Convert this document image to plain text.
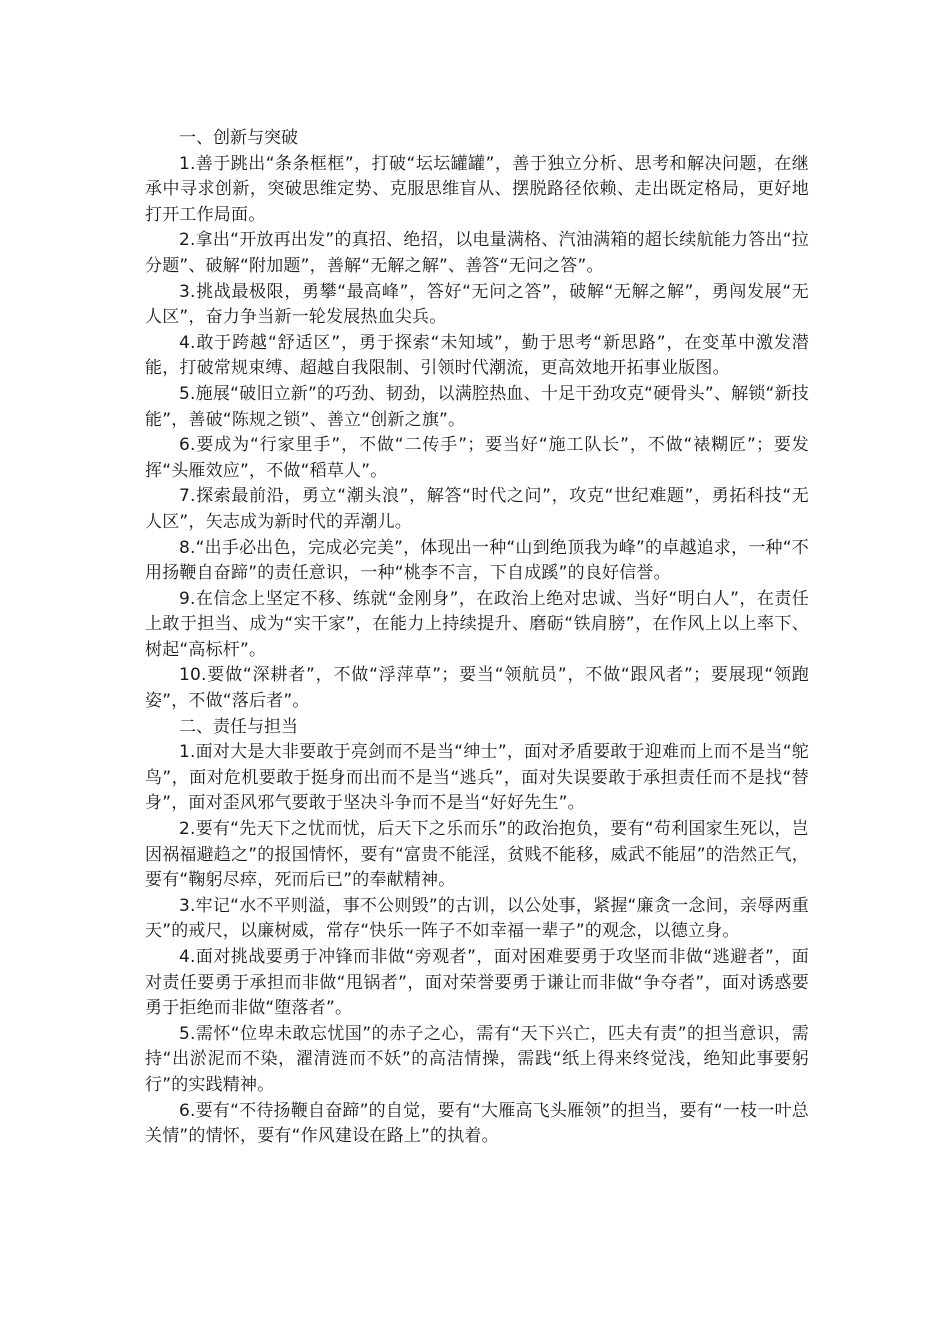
一、创新与突破

1.善于跳出“条条框框”，打破“坛坛罐罐”，善于独立分析、思考和解决问题，在继承中寻求创新，突破思维定势、克服思维盲从、摆脱路径依赖、走出既定格局，更好地打开工作局面。

2.拿出“开放再出发”的真招、绝招，以电量满格、汽油满箱的超长续航能力答出“拉分题”、破解“附加题”，善解“无解之解”、善答“无问之答”。

3.挑战最极限，勇攀“最高峰”，答好“无问之答”，破解“无解之解”，勇闯发展“无人区”，奋力争当新一轮发展热血尖兵。

4.敢于跨越“舒适区”，勇于探索“未知域”，勤于思考“新思路”，在变革中激发潜能，打破常规束缚、超越自我限制、引领时代潮流，更高效地开拓事业版图。

5.施展“破旧立新”的巧劲、韧劲，以满腔热血、十足干劲攻克“硬骨头”、解锁“新技能”，善破“陈规之锁”、善立“创新之旗”。

6.要成为“行家里手”，不做“二传手”；要当好“施工队长”，不做“裱糊匠”；要发挥“头雁效应”，不做“稻草人”。

7.探索最前沿，勇立“潮头浪”，解答“时代之问”，攻克“世纪难题”，勇拓科技“无人区”，矢志成为新时代的弄潮儿。

8.“出手必出色，完成必完美”，体现出一种“山到绝顶我为峰”的卓越追求，一种“不用扬鞭自奋蹄”的责任意识，一种“桃李不言，下自成蹊”的良好信誉。

9.在信念上坚定不移、练就“金刚身”，在政治上绝对忠诚、当好“明白人”，在责任上敢于担当、成为“实干家”，在能力上持续提升、磨砺“铁肩膀”，在作风上以上率下、树起“高标杆”。

10.要做“深耕者”，不做“浮萍草”；要当“领航员”，不做“跟风者”；要展现“领跑姿”，不做“落后者”。

二、责任与担当

1.面对大是大非要敢于亮剑而不是当“绅士”，面对矛盾要敢于迎难而上而不是当“鸵鸟”，面对危机要敢于挺身而出而不是当“逃兵”，面对失误要敢于承担责任而不是找“替身”，面对歪风邪气要敢于坚决斗争而不是当“好好先生”。

2.要有“先天下之忧而忧，后天下之乐而乐”的政治抱负，要有“苟利国家生死以，岂因祸福避趋之”的报国情怀，要有“富贵不能淫，贫贱不能移，威武不能屈”的浩然正气，要有“鞠躬尽瘁，死而后已”的奉献精神。

3.牢记“水不平则溢，事不公则毁”的古训，以公处事，紧握“廉贪一念间，亲辱两重天”的戒尺，以廉树威，常存“快乐一阵子不如幸福一辈子”的观念，以德立身。

4.面对挑战要勇于冲锋而非做“旁观者”，面对困难要勇于攻坚而非做“逃避者”，面对责任要勇于承担而非做“甩锅者”，面对荣誉要勇于谦让而非做“争夺者”，面对诱惑要勇于拒绝而非做“堕落者”。

5.需怀“位卑未敢忘忧国”的赤子之心，需有“天下兴亡，匹夫有责”的担当意识，需持“出淤泥而不染，濯清涟而不妖”的高洁情操，需践“纸上得来终觉浅，绝知此事要躬行”的实践精神。

6.要有“不待扬鞭自奋蹄”的自觉，要有“大雁高飞头雁领”的担当，要有“一枝一叶总关情”的情怀，要有“作风建设在路上”的执着。
